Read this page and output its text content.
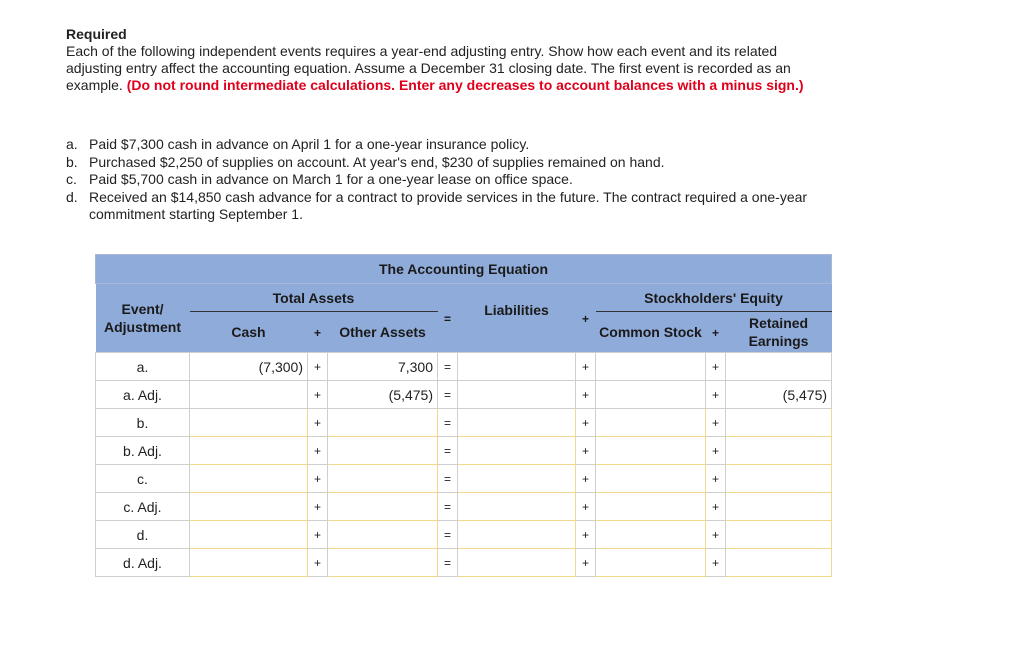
Required
Each of the following independent events requires a year-end adjusting entry. Show how each event and its related adjusting entry affect the accounting equation. Assume a December 31 closing date. The first event is recorded as an example. (Do not round intermediate calculations. Enter any decreases to account balances with a minus sign.)
a. Paid $7,300 cash in advance on April 1 for a one-year insurance policy.
b. Purchased $2,250 of supplies on account. At year's end, $230 of supplies remained on hand.
c. Paid $5,700 cash in advance on March 1 for a one-year lease on office space.
d. Received an $14,850 cash advance for a contract to provide services in the future. The contract required a one-year commitment starting September 1.
The Accounting Equation									
Event/ Adjustment	Total Assets			=	Liabilities	+	Stockholders' Equity		
	Cash	+	Other Assets				Common Stock	+	Retained Earnings
a.	(7,300)	+	7,300	=		+		+	
a. Adj.		+	(5,475)	=		+		+	(5,475)
b.		+		=		+		+	
b. Adj.		+		=		+		+	
c.		+		=		+		+	
c. Adj.		+		=		+		+	
d.		+		=		+		+	
d. Adj.		+		=		+		+	
